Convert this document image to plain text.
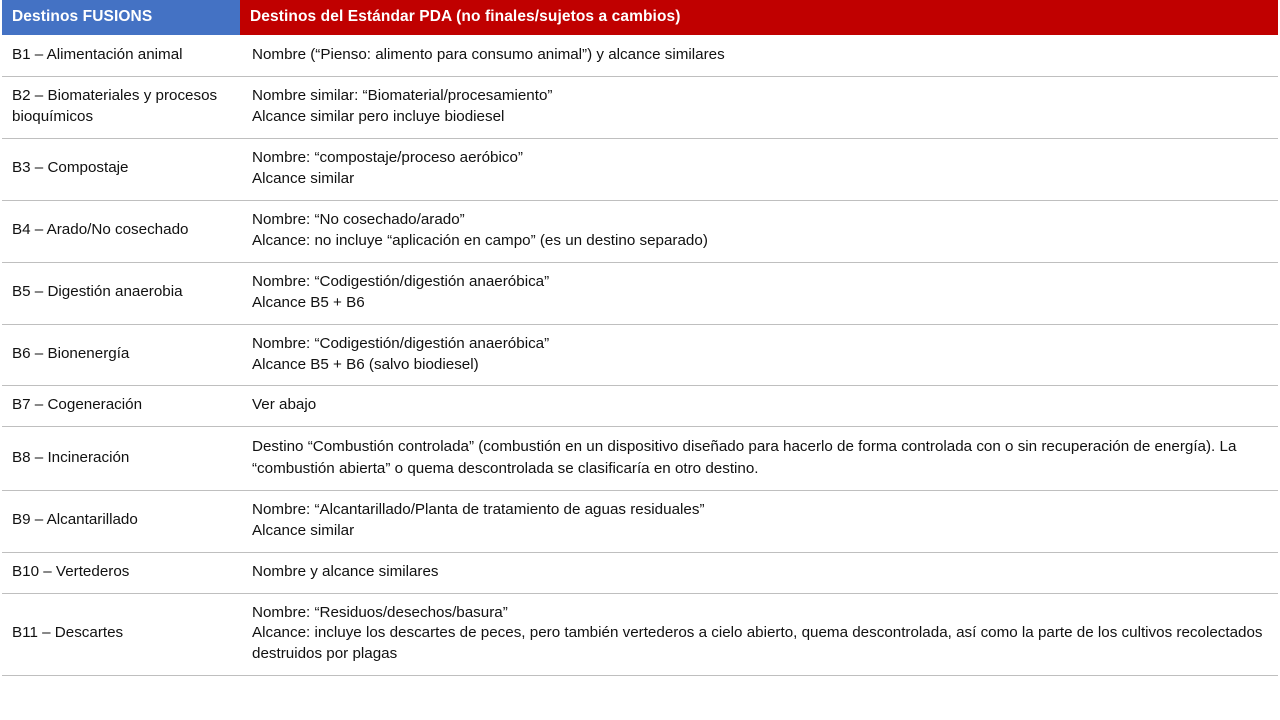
Destinos FUSIONS	Destinos del Estándar PDA (no finales/sujetos a cambios)
B1 – Alimentación animal	Nombre (“Pienso: alimento para consumo animal”) y alcance similares

B2 – Biomateriales y procesos bioquímicos	Nombre similar: “Biomaterial/procesamiento”
Alcance similar pero incluye biodiesel

B3 – Compostaje	Nombre: “compostaje/proceso aeróbico”
Alcance similar

B4 – Arado/No cosechado	Nombre: “No cosechado/arado”
Alcance: no incluye “aplicación en campo” (es un destino separado)

B5 – Digestión anaerobia	Nombre: “Codigestión/digestión anaeróbica”
Alcance B5 + B6

B6 – Bionenergía	Nombre: “Codigestión/digestión anaeróbica”
Alcance B5 + B6 (salvo biodiesel)

B7 – Cogeneración	Ver abajo

B8 – Incineración	Destino “Combustión controlada” (combustión en un dispositivo diseñado para hacerlo de forma controlada con o sin recuperación de energía). La “combustión abierta” o quema descontrolada se clasificaría en otro destino.

B9 – Alcantarillado	Nombre: “Alcantarillado/Planta de tratamiento de aguas residuales”
Alcance similar

B10 – Vertederos	Nombre y alcance similares

B11 – Descartes	Nombre: “Residuos/desechos/basura”
Alcance: incluye los descartes de peces, pero también vertederos a cielo abierto, quema descontrolada, así como la parte de los cultivos recolectados destruidos por plagas
